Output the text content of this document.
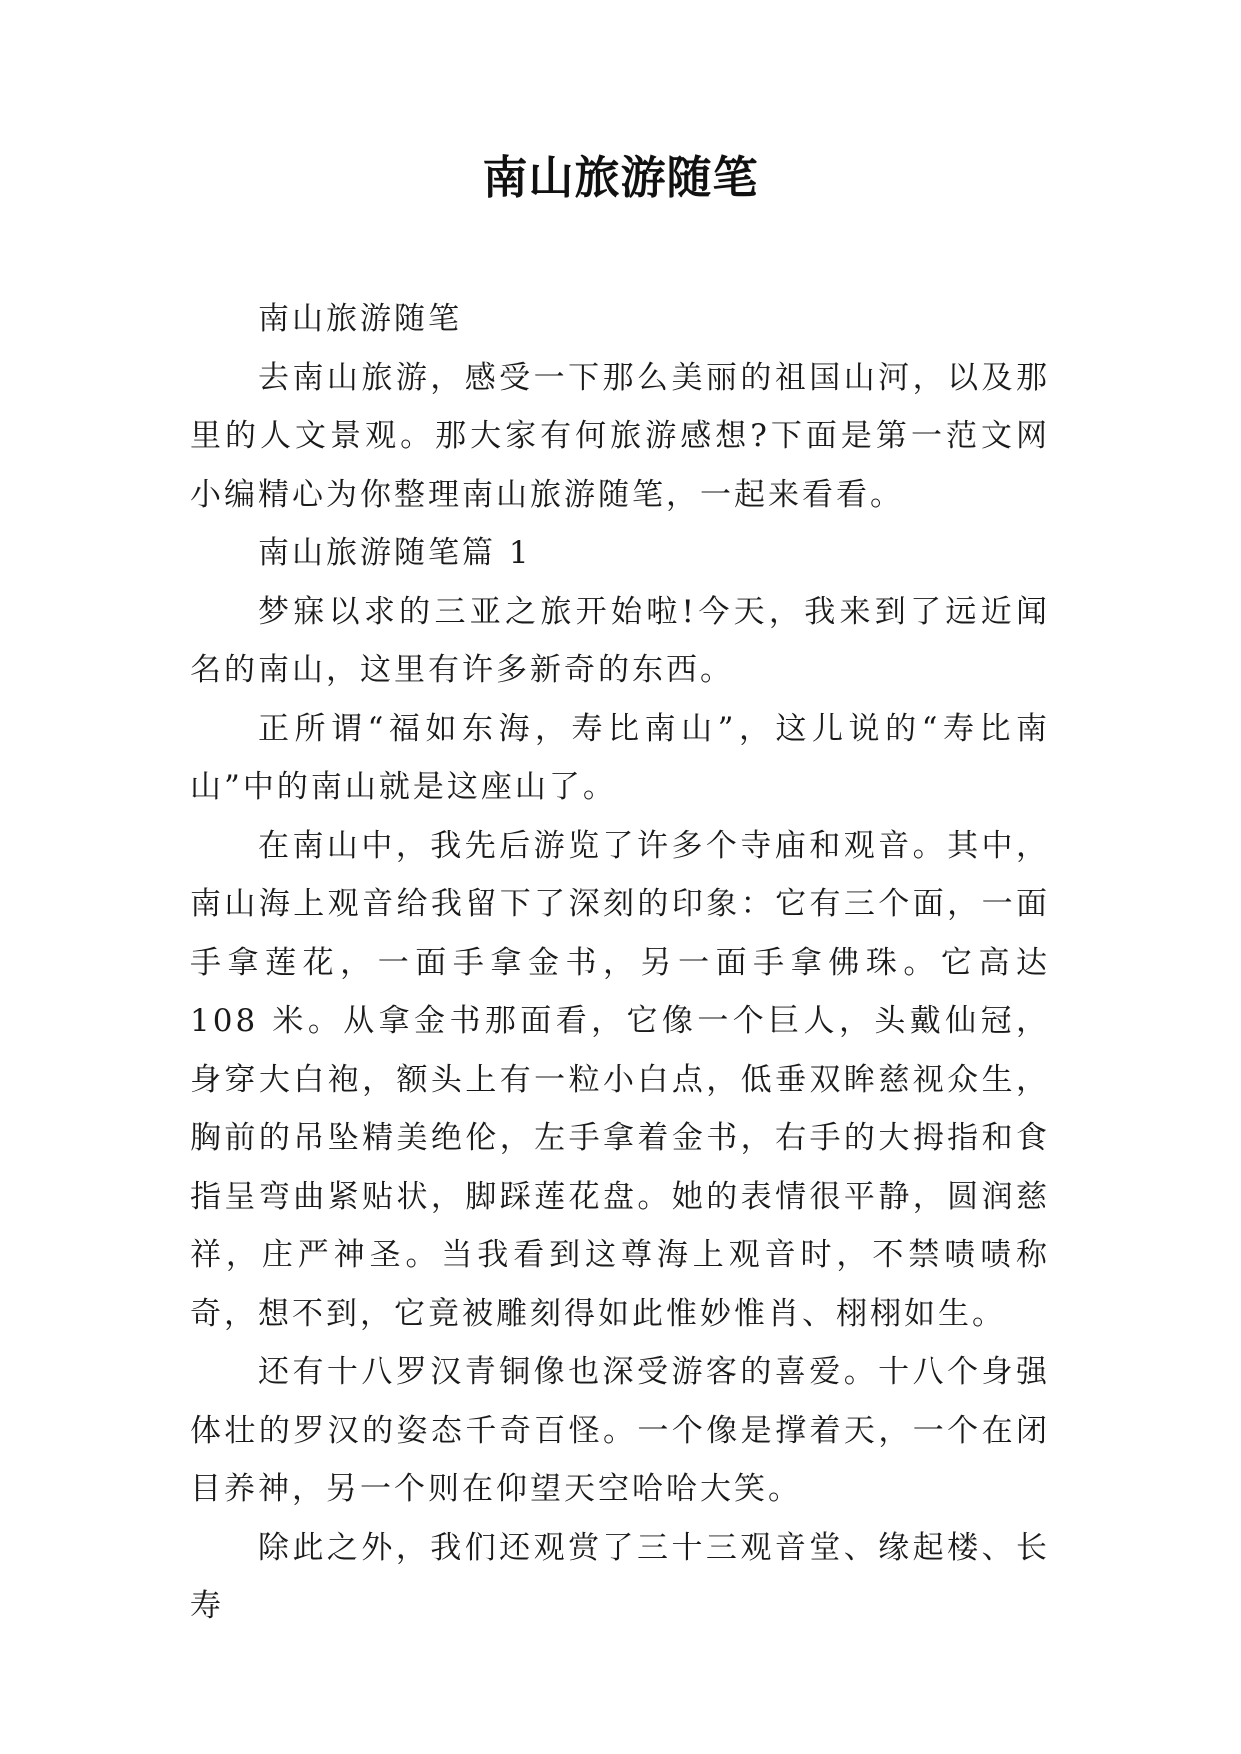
南山旅游随笔

南山旅游随笔

去南山旅游，感受一下那么美丽的祖国山河，以及那里的人文景观。那大家有何旅游感想?下面是第一范文网小编精心为你整理南山旅游随笔，一起来看看。

南山旅游随笔篇 1

梦寐以求的三亚之旅开始啦!今天，我来到了远近闻名的南山，这里有许多新奇的东西。

正所谓“福如东海，寿比南山”，这儿说的“寿比南山”中的南山就是这座山了。

在南山中，我先后游览了许多个寺庙和观音。其中，南山海上观音给我留下了深刻的印象：它有三个面，一面手拿莲花，一面手拿金书，另一面手拿佛珠。它高达 108 米。从拿金书那面看，它像一个巨人，头戴仙冠，身穿大白袍，额头上有一粒小白点，低垂双眸慈视众生，胸前的吊坠精美绝伦，左手拿着金书，右手的大拇指和食指呈弯曲紧贴状，脚踩莲花盘。她的表情很平静，圆润慈祥，庄严神圣。当我看到这尊海上观音时，不禁啧啧称奇，想不到，它竟被雕刻得如此惟妙惟肖、栩栩如生。

还有十八罗汉青铜像也深受游客的喜爱。十八个身强体壮的罗汉的姿态千奇百怪。一个像是撑着天，一个在闭目养神，另一个则在仰望天空哈哈大笑。

除此之外，我们还观赏了三十三观音堂、缘起楼、长寿
